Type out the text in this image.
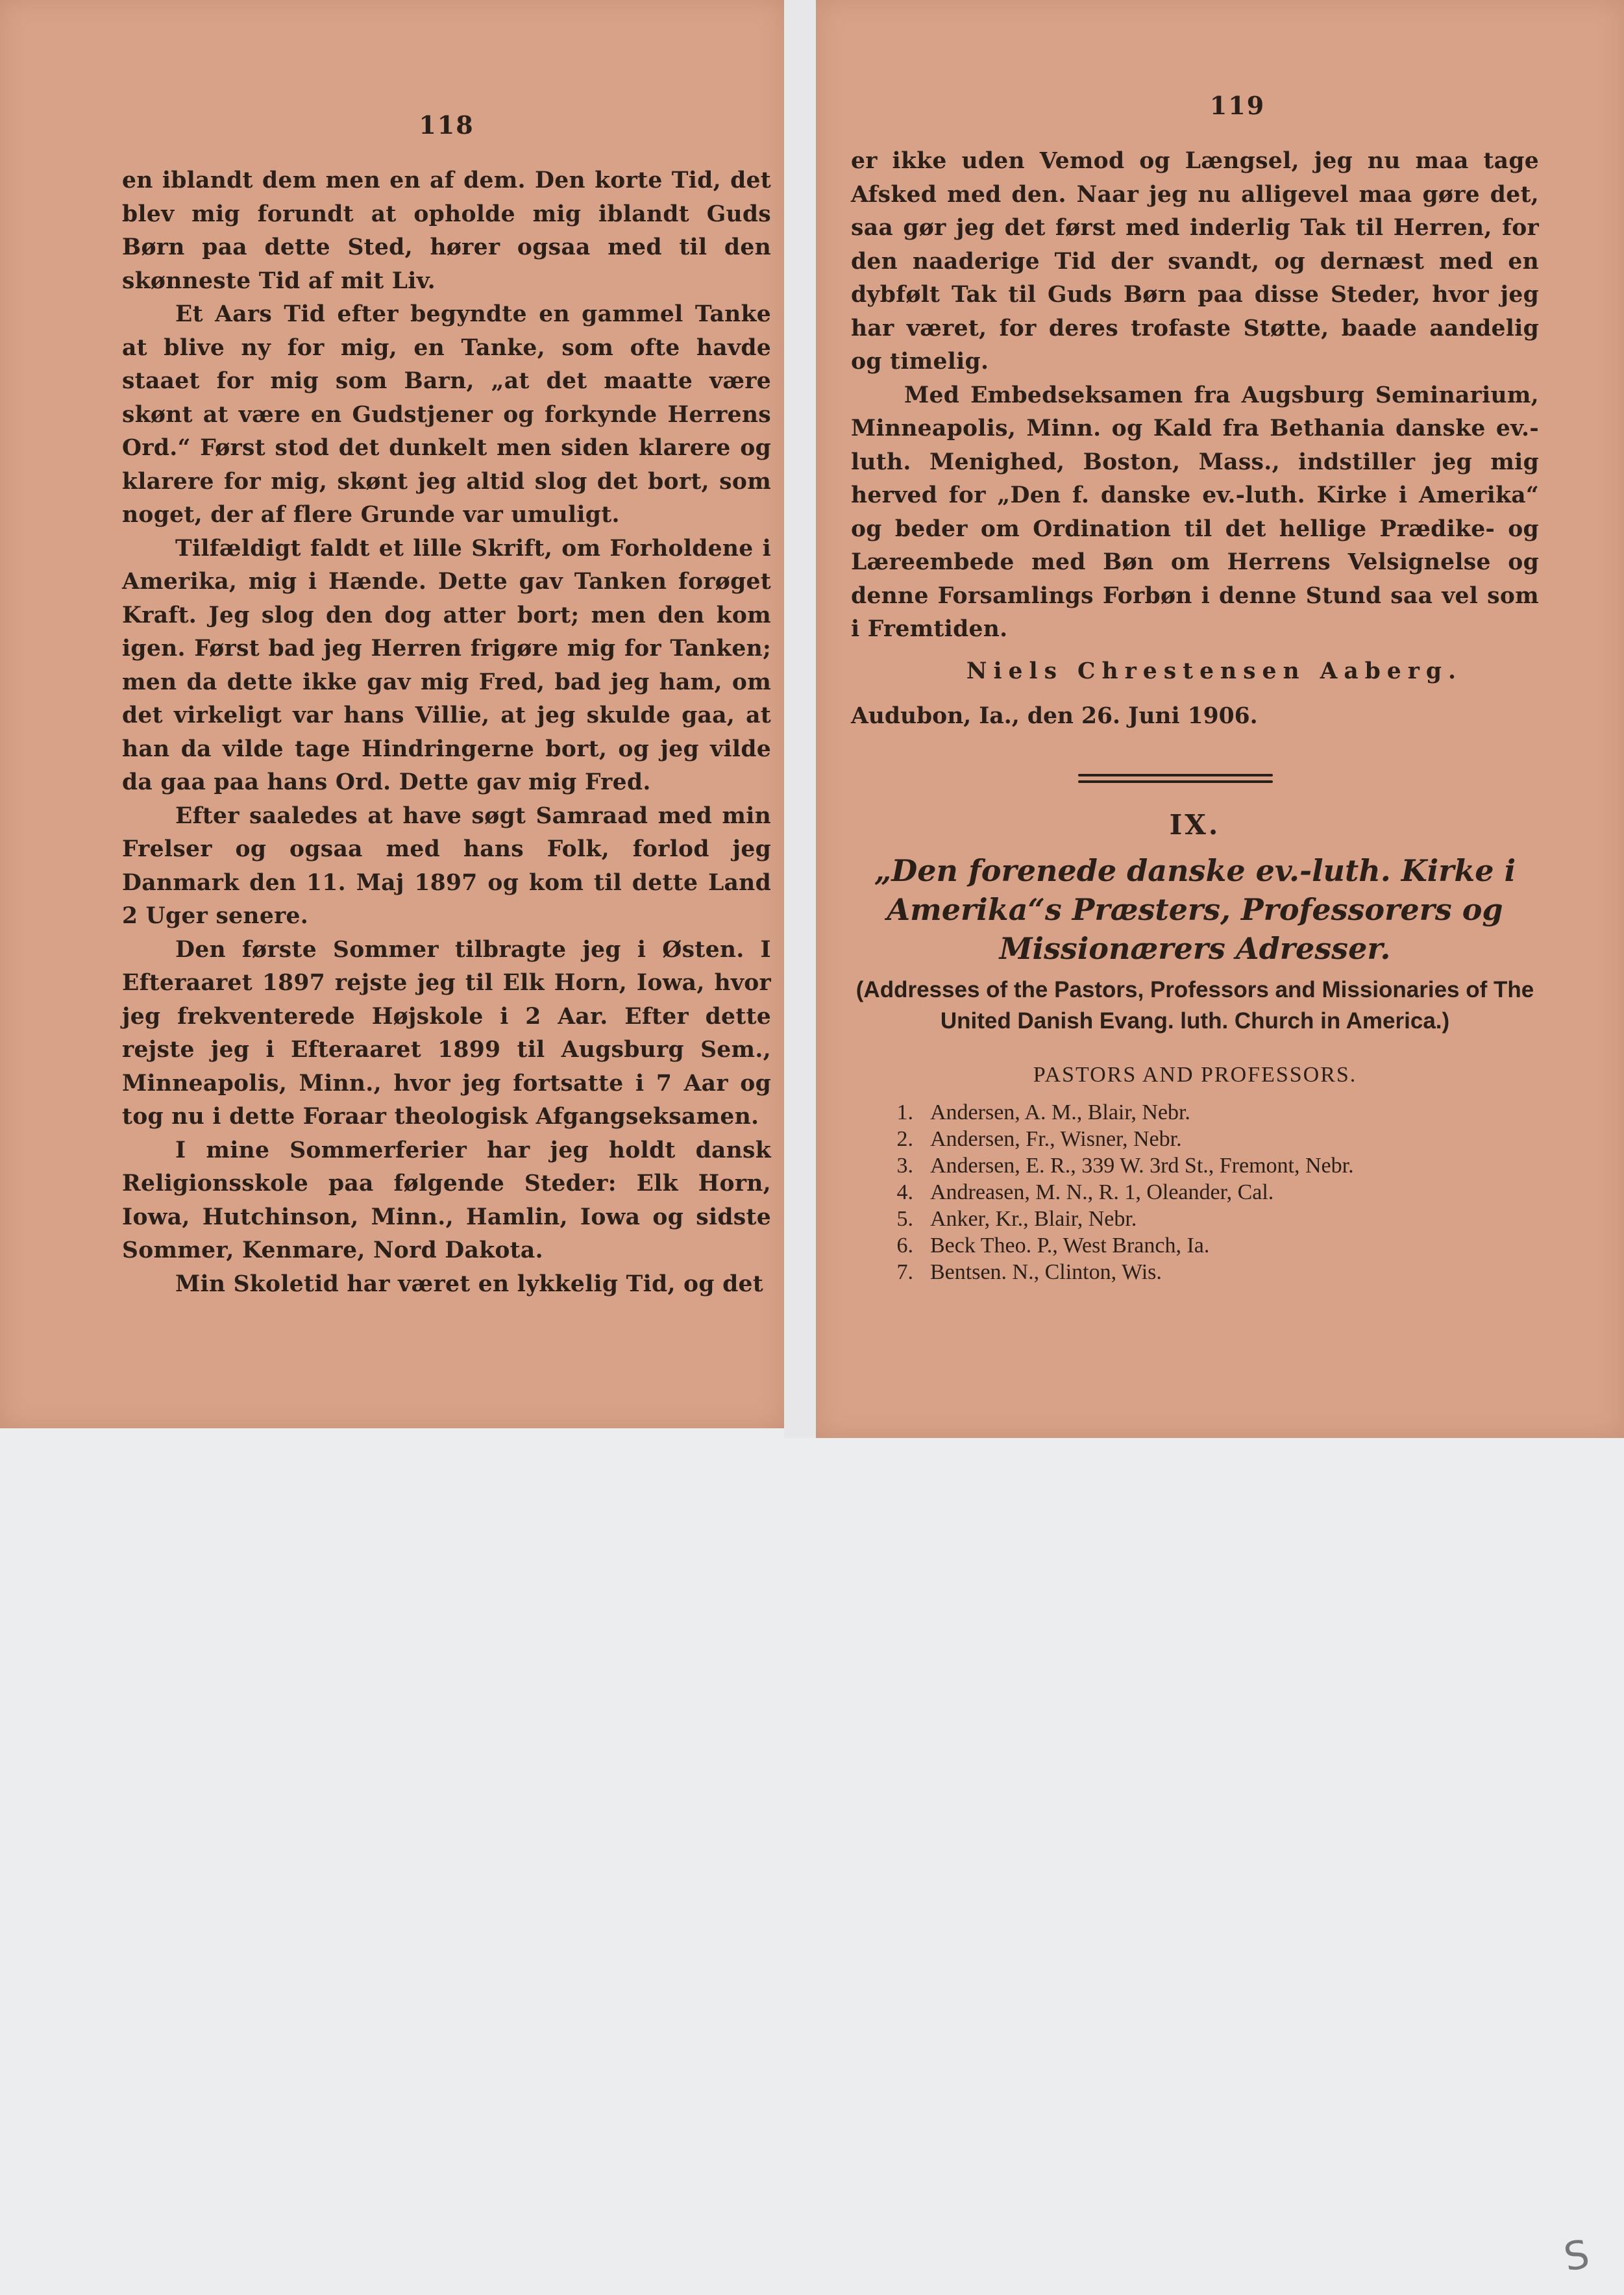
118

en iblandt dem men en af dem. Den korte Tid, det blev mig forundt at opholde mig iblandt Guds Børn paa dette Sted, hører ogsaa med til den skønneste Tid af mit Liv.

Et Aars Tid efter begyndte en gammel Tanke at blive ny for mig, en Tanke, som ofte havde staaet for mig som Barn, „at det maatte være skønt at være en Gudstjener og forkynde Herrens Ord.“ Først stod det dunkelt men siden klarere og klarere for mig, skønt jeg altid slog det bort, som noget, der af flere Grunde var umuligt.

Tilfældigt faldt et lille Skrift, om Forholdene i Amerika, mig i Hænde. Dette gav Tanken forøget Kraft. Jeg slog den dog atter bort; men den kom igen. Først bad jeg Herren frigøre mig for Tanken; men da dette ikke gav mig Fred, bad jeg ham, om det virkeligt var hans Villie, at jeg skulde gaa, at han da vilde tage Hindringerne bort, og jeg vilde da gaa paa hans Ord. Dette gav mig Fred.

Efter saaledes at have søgt Samraad med min Frelser og ogsaa med hans Folk, forlod jeg Danmark den 11. Maj 1897 og kom til dette Land 2 Uger senere.

Den første Sommer tilbragte jeg i Østen. I Efteraaret 1897 rejste jeg til Elk Horn, Iowa, hvor jeg frekventerede Højskole i 2 Aar. Efter dette rejste jeg i Efteraaret 1899 til Augsburg Sem., Minneapolis, Minn., hvor jeg fortsatte i 7 Aar og tog nu i dette Foraar theologisk Afgangseksamen.

I mine Sommerferier har jeg holdt dansk Religionsskole paa følgende Steder: Elk Horn, Iowa, Hutchinson, Minn., Hamlin, Iowa og sidste Sommer, Kenmare, Nord Dakota.

Min Skoletid har været en lykkelig Tid, og det

119

er ikke uden Vemod og Længsel, jeg nu maa tage Afsked med den. Naar jeg nu alligevel maa gøre det, saa gør jeg det først med inderlig Tak til Herren, for den naaderige Tid der svandt, og dernæst med en dybfølt Tak til Guds Børn paa disse Steder, hvor jeg har været, for deres trofaste Støtte, baade aandelig og timelig.

Med Embedseksamen fra Augsburg Seminarium, Minneapolis, Minn. og Kald fra Bethania danske ev.-luth. Menighed, Boston, Mass., indstiller jeg mig herved for „Den f. danske ev.-luth. Kirke i Amerika“ og beder om Ordination til det hellige Prædike- og Læreembede med Bøn om Herrens Velsignelse og denne Forsamlings Forbøn i denne Stund saa vel som i Fremtiden.

Niels Chrestensen Aaberg.
Audubon, Ia., den 26. Juni 1906.
IX.

„Den forenede danske ev.-luth. Kirke i Amerika“s Præsters, Professorers og Missionærers Adresser.

(Addresses of the Pastors, Professors and Missionaries of The United Danish Evang. luth. Church in America.)

PASTORS AND PROFESSORS.
1. Andersen, A. M., Blair, Nebr.
2. Andersen, Fr., Wisner, Nebr.
3. Andersen, E. R., 339 W. 3rd St., Fremont, Nebr.
4. Andreasen, M. N., R. 1, Oleander, Cal.
5. Anker, Kr., Blair, Nebr.
6. Beck Theo. P., West Branch, Ia.
7. Bentsen. N., Clinton, Wis.
S
